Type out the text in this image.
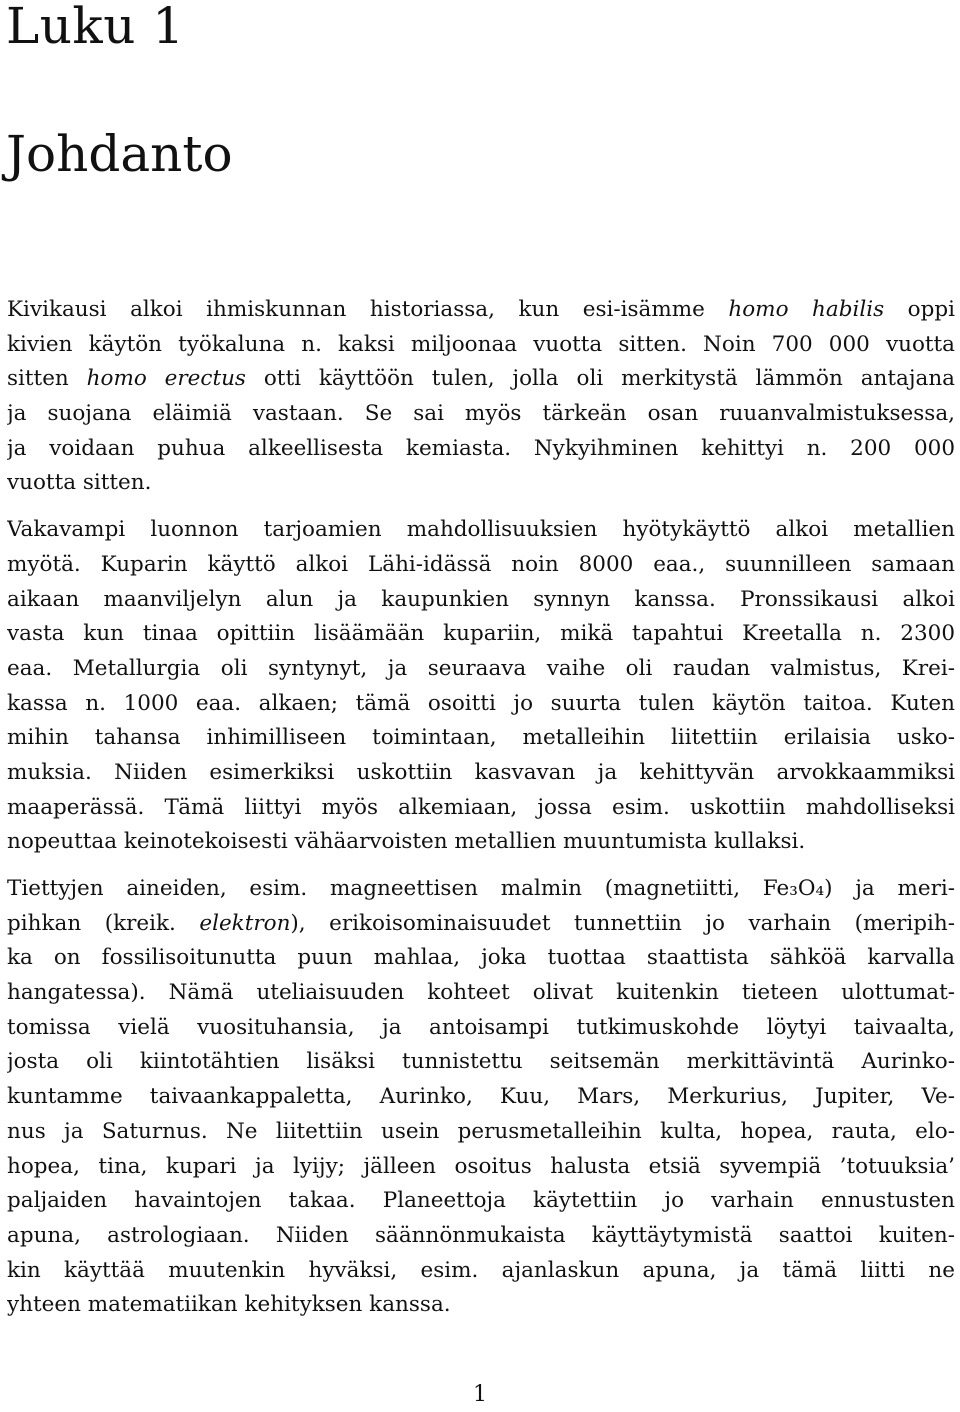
Luku 1
Johdanto
Kivikausi alkoi ihmiskunnan historiassa, kun esi-isämme homo habilis oppi
kivien käytön työkaluna n. kaksi miljoonaa vuotta sitten. Noin 700 000 vuotta
sitten homo erectus otti käyttöön tulen, jolla oli merkitystä lämmön antajana
ja suojana eläimiä vastaan. Se sai myös tärkeän osan ruuanvalmistuksessa,
ja voidaan puhua alkeellisesta kemiasta. Nykyihminen kehittyi n. 200 000
vuotta sitten.
Vakavampi luonnon tarjoamien mahdollisuuksien hyötykäyttö alkoi metallien
myötä. Kuparin käyttö alkoi Lähi-idässä noin 8000 eaa., suunnilleen samaan
aikaan maanviljelyn alun ja kaupunkien synnyn kanssa. Pronssikausi alkoi
vasta kun tinaa opittiin lisäämään kupariin, mikä tapahtui Kreetalla n. 2300
eaa. Metallurgia oli syntynyt, ja seuraava vaihe oli raudan valmistus, Krei-
kassa n. 1000 eaa. alkaen; tämä osoitti jo suurta tulen käytön taitoa. Kuten
mihin tahansa inhimilliseen toimintaan, metalleihin liitettiin erilaisia usko-
muksia. Niiden esimerkiksi uskottiin kasvavan ja kehittyvän arvokkaammiksi
maaperässä. Tämä liittyi myös alkemiaan, jossa esim. uskottiin mahdolliseksi
nopeuttaa keinotekoisesti vähäarvoisten metallien muuntumista kullaksi.
Tiettyjen aineiden, esim. magneettisen malmin (magnetiitti, Fe₃O₄) ja meri-
pihkan (kreik. elektron), erikoisominaisuudet tunnettiin jo varhain (meripih-
ka on fossilisoitunutta puun mahlaa, joka tuottaa staattista sähköä karvalla
hangatessa). Nämä uteliaisuuden kohteet olivat kuitenkin tieteen ulottumat-
tomissa vielä vuosituhansia, ja antoisampi tutkimuskohde löytyi taivaalta,
josta oli kiintotähtien lisäksi tunnistettu seitsemän merkittävintä Aurinko-
kuntamme taivaankappaletta, Aurinko, Kuu, Mars, Merkurius, Jupiter, Ve-
nus ja Saturnus. Ne liitettiin usein perusmetalleihin kulta, hopea, rauta, elo-
hopea, tina, kupari ja lyijy; jälleen osoitus halusta etsiä syvempiä ’totuuksia’
paljaiden havaintojen takaa. Planeettoja käytettiin jo varhain ennustusten
apuna, astrologiaan. Niiden säännönmukaista käyttäytymistä saattoi kuiten-
kin käyttää muutenkin hyväksi, esim. ajanlaskun apuna, ja tämä liitti ne
yhteen matematiikan kehityksen kanssa.
1
